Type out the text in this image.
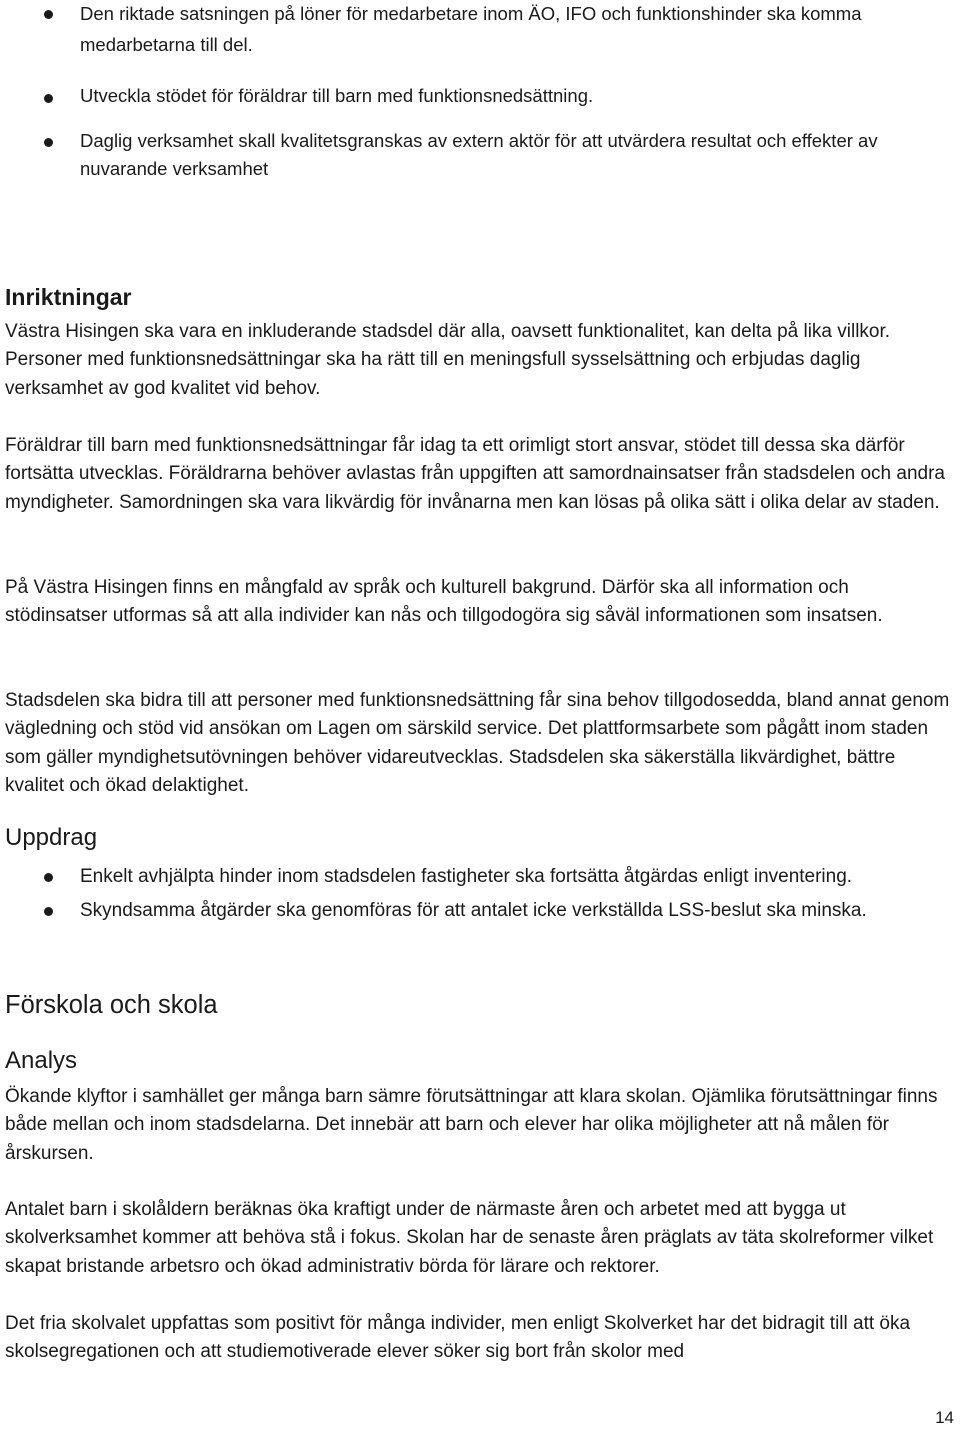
Den riktade satsningen på löner för medarbetare inom ÄO, IFO och funktionshinder ska komma medarbetarna till del.
Utveckla stödet för föräldrar till barn med funktionsnedsättning.
Daglig verksamhet skall kvalitetsgranskas av extern aktör för att utvärdera resultat och effekter av nuvarande verksamhet
Inriktningar
Västra Hisingen ska vara en inkluderande stadsdel där alla, oavsett funktionalitet, kan delta på lika villkor. Personer med funktionsnedsättningar ska ha rätt till en meningsfull sysselsättning och erbjudas daglig verksamhet av god kvalitet vid behov.
Föräldrar till barn med funktionsnedsättningar får idag ta ett orimligt stort ansvar, stödet till dessa ska därför fortsätta utvecklas. Föräldrarna behöver avlastas från uppgiften att samordnainsatser från stadsdelen och andra myndigheter. Samordningen ska vara likvärdig för invånarna men kan lösas på olika sätt i olika delar av staden.
På Västra Hisingen finns en mångfald av språk och kulturell bakgrund. Därför ska all information och stödinsatser utformas så att alla individer kan nås och tillgodogöra sig såväl informationen som insatsen.
Stadsdelen ska bidra till att personer med funktionsnedsättning får sina behov tillgodosedda, bland annat genom vägledning och stöd vid ansökan om Lagen om särskild service. Det plattformsarbete som pågått inom staden som gäller myndighetsutövningen behöver vidareutvecklas. Stadsdelen ska säkerställa likvärdighet, bättre kvalitet och ökad delaktighet.
Uppdrag
Enkelt avhjälpta hinder inom stadsdelen fastigheter ska fortsätta åtgärdas enligt inventering.
Skyndsamma åtgärder ska genomföras för att antalet icke verkställda LSS-beslut ska minska.
Förskola och skola
Analys
Ökande klyftor i samhället ger många barn sämre förutsättningar att klara skolan. Ojämlika förutsättningar finns både mellan och inom stadsdelarna. Det innebär att barn och elever har olika möjligheter att nå målen för årskursen.
Antalet barn i skolåldern beräknas öka kraftigt under de närmaste åren och arbetet med att bygga ut skolverksamhet kommer att behöva stå i fokus. Skolan har de senaste åren präglats av täta skolreformer vilket skapat bristande arbetsro och ökad administrativ börda för lärare och rektorer.
Det fria skolvalet uppfattas som positivt för många individer, men enligt Skolverket har det bidragit till att öka skolsegregationen och att studiemotiverade elever söker sig bort från skolor med
14
